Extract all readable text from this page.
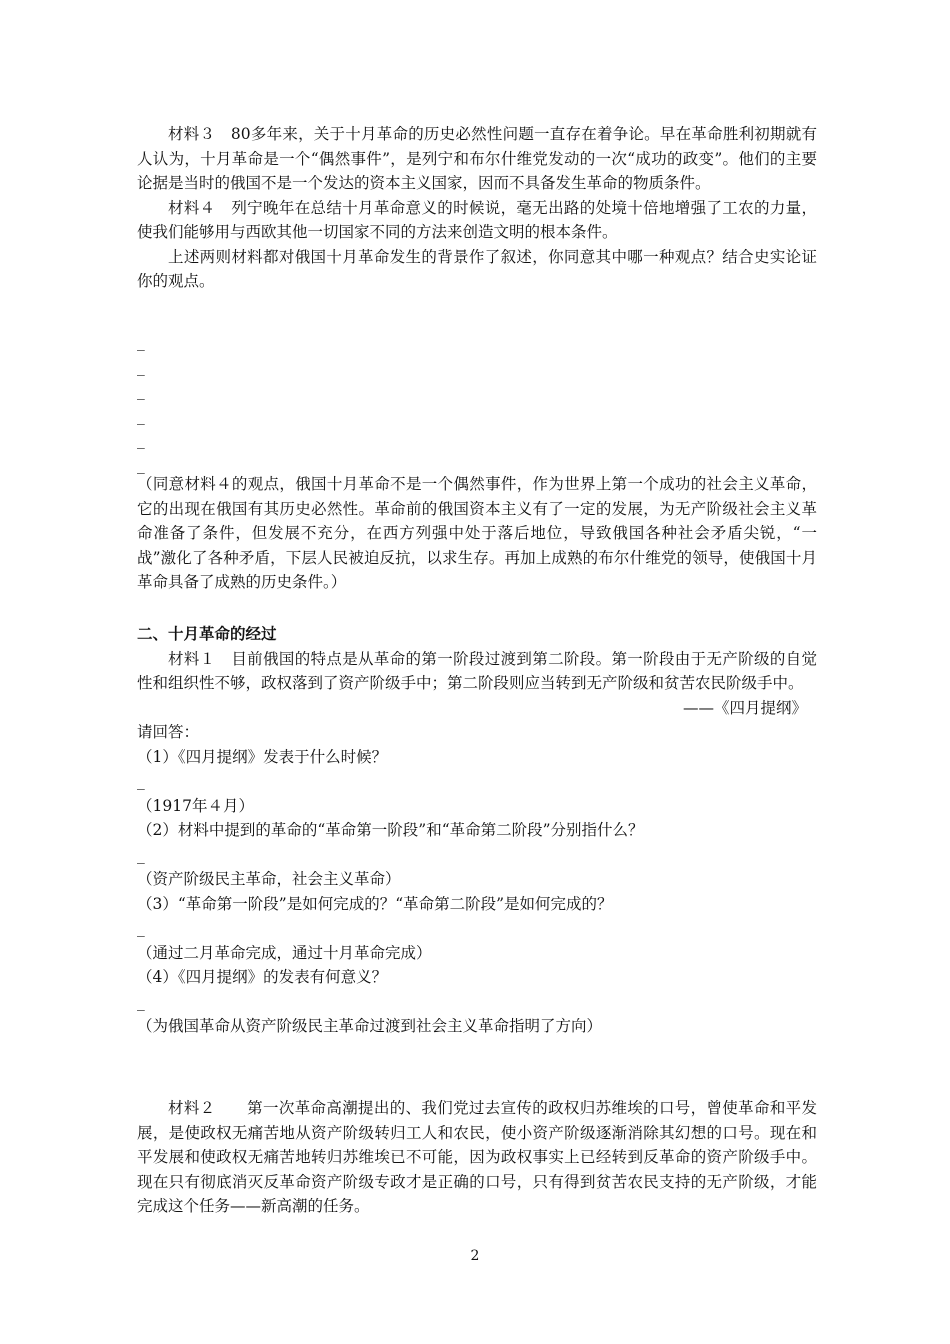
材料３　80多年来，关于十月革命的历史必然性问题一直存在着争论。早在革命胜利初期就有人认为，十月革命是一个“偶然事件”，是列宁和布尔什维党发动的一次“成功的政变”。他们的主要论据是当时的俄国不是一个发达的资本主义国家，因而不具备发生革命的物质条件。

材料４　列宁晚年在总结十月革命意义的时候说，毫无出路的处境十倍地增强了工农的力量，使我们能够用与西欧其他一切国家不同的方法来创造文明的根本条件。

上述两则材料都对俄国十月革命发生的背景作了叙述，你同意其中哪一种观点？结合史实论证你的观点。

_

_

_

_

_

_

（同意材料４的观点，俄国十月革命不是一个偶然事件，作为世界上第一个成功的社会主义革命，它的出现在俄国有其历史必然性。革命前的俄国资本主义有了一定的发展，为无产阶级社会主义革命准备了条件，但发展不充分，在西方列强中处于落后地位，导致俄国各种社会矛盾尖锐，“一战”激化了各种矛盾，下层人民被迫反抗，以求生存。再加上成熟的布尔什维党的领导，使俄国十月革命具备了成熟的历史条件。）

二、十月革命的经过

材料１　目前俄国的特点是从革命的第一阶段过渡到第二阶段。第一阶段由于无产阶级的自觉性和组织性不够，政权落到了资产阶级手中；第二阶段则应当转到无产阶级和贫苦农民阶级手中。

——《四月提纲》

请回答：

（1）《四月提纲》发表于什么时候？

_

（1917年４月）

（2）材料中提到的革命的“革命第一阶段”和“革命第二阶段”分别指什么？

_

（资产阶级民主革命，社会主义革命）

（3）“革命第一阶段”是如何完成的？“革命第二阶段”是如何完成的？

_

（通过二月革命完成，通过十月革命完成）

（4）《四月提纲》的发表有何意义？

_

（为俄国革命从资产阶级民主革命过渡到社会主义革命指明了方向）

材料２　　第一次革命高潮提出的、我们党过去宣传的政权归苏维埃的口号，曾使革命和平发展，是使政权无痛苦地从资产阶级转归工人和农民，使小资产阶级逐渐消除其幻想的口号。现在和平发展和使政权无痛苦地转归苏维埃已不可能，因为政权事实上已经转到反革命的资产阶级手中。现在只有彻底消灭反革命资产阶级专政才是正确的口号，只有得到贫苦农民支持的无产阶级，才能完成这个任务——新高潮的任务。

2
